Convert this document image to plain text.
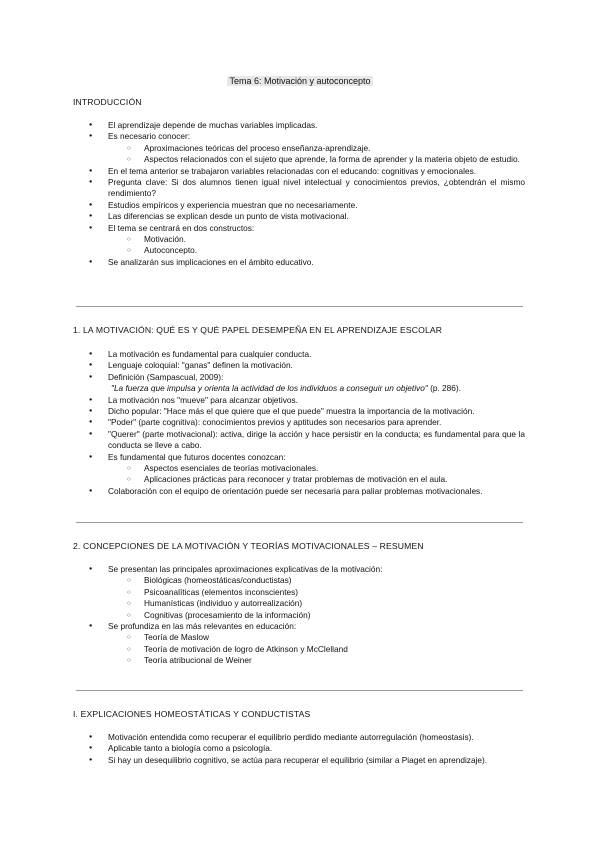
Tema 6: Motivación y autoconcepto
INTRODUCCIÓN
● El aprendizaje depende de muchas variables implicadas.
● Es necesario conocer:
○ Aproximaciones teóricas del proceso enseñanza-aprendizaje.
○ Aspectos relacionados con el sujeto que aprende, la forma de aprender y la materia objeto de estudio.
● En el tema anterior se trabajaron variables relacionadas con el educando: cognitivas y emocionales.
● Pregunta clave: Si dos alumnos tienen igual nivel intelectual y conocimientos previos, ¿obtendrán el mismo rendimiento?
● Estudios empíricos y experiencia muestran que no necesariamente.
● Las diferencias se explican desde un punto de vista motivacional.
● El tema se centrará en dos constructos:
○ Motivación.
○ Autoconcepto.
● Se analizarán sus implicaciones en el ámbito educativo.
1. LA MOTIVACIÓN: QUÉ ES Y QUÉ PAPEL DESEMPEÑA EN EL APRENDIZAJE ESCOLAR
● La motivación es fundamental para cualquier conducta.
● Lenguaje coloquial: "ganas" definen la motivación.
● Definición (Sampascual, 2009):
"La fuerza que impulsa y orienta la actividad de los individuos a conseguir un objetivo" (p. 286).
● La motivación nos "mueve" para alcanzar objetivos.
● Dicho popular: "Hace más el que quiere que el que puede" muestra la importancia de la motivación.
● "Poder" (parte cognitiva): conocimientos previos y aptitudes son necesarios para aprender.
● "Querer" (parte motivacional): activa, dirige la acción y hace persistir en la conducta; es fundamental para que la conducta se lleve a cabo.
● Es fundamental que futuros docentes conozcan:
○ Aspectos esenciales de teorías motivacionales.
○ Aplicaciones prácticas para reconocer y tratar problemas de motivación en el aula.
● Colaboración con el equipo de orientación puede ser necesaria para paliar problemas motivacionales.
2. CONCEPCIONES DE LA MOTIVACIÓN Y TEORÍAS MOTIVACIONALES – RESUMEN
● Se presentan las principales aproximaciones explicativas de la motivación:
○ Biológicas (homeostáticas/conductistas)
○ Psicoanalíticas (elementos inconscientes)
○ Humanísticas (individuo y autorrealización)
○ Cognitivas (procesamiento de la información)
● Se profundiza en las más relevantes en educación:
○ Teoría de Maslow
○ Teoría de motivación de logro de Atkinson y McClelland
○ Teoría atribucional de Weiner
I. EXPLICACIONES HOMEOSTÁTICAS Y CONDUCTISTAS
● Motivación entendida como recuperar el equilibrio perdido mediante autorregulación (homeostasis).
● Aplicable tanto a biología como a psicología.
● Si hay un desequilibrio cognitivo, se actúa para recuperar el equilibrio (similar a Piaget en aprendizaje).
